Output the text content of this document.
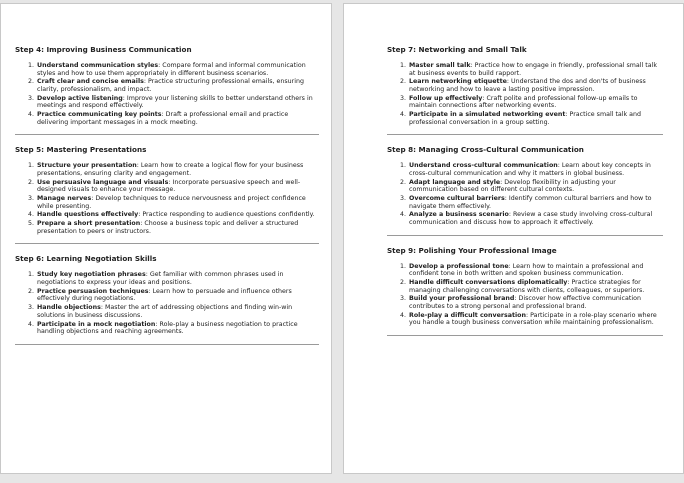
Step 4: Improving Business Communication
1. Understand communication styles: Compare formal and informal communication styles and how to use them appropriately in different business scenarios.
2. Craft clear and concise emails: Practice structuring professional emails, ensuring clarity, professionalism, and impact.
3. Develop active listening: Improve your listening skills to better understand others in meetings and respond effectively.
4. Practice communicating key points: Draft a professional email and practice delivering important messages in a mock meeting.
Step 5: Mastering Presentations
1. Structure your presentation: Learn how to create a logical flow for your business presentations, ensuring clarity and engagement.
2. Use persuasive language and visuals: Incorporate persuasive speech and well-designed visuals to enhance your message.
3. Manage nerves: Develop techniques to reduce nervousness and project confidence while presenting.
4. Handle questions effectively: Practice responding to audience questions confidently.
5. Prepare a short presentation: Choose a business topic and deliver a structured presentation to peers or instructors.
Step 6: Learning Negotiation Skills
1. Study key negotiation phrases: Get familiar with common phrases used in negotiations to express your ideas and positions.
2. Practice persuasion techniques: Learn how to persuade and influence others effectively during negotiations.
3. Handle objections: Master the art of addressing objections and finding win-win solutions in business discussions.
4. Participate in a mock negotiation: Role-play a business negotiation to practice handling objections and reaching agreements.
Step 7: Networking and Small Talk
1. Master small talk: Practice how to engage in friendly, professional small talk at business events to build rapport.
2. Learn networking etiquette: Understand the dos and don'ts of business networking and how to leave a lasting positive impression.
3. Follow up effectively: Craft polite and professional follow-up emails to maintain connections after networking events.
4. Participate in a simulated networking event: Practice small talk and professional conversation in a group setting.
Step 8: Managing Cross-Cultural Communication
1. Understand cross-cultural communication: Learn about key concepts in cross-cultural communication and why it matters in global business.
2. Adapt language and style: Develop flexibility in adjusting your communication based on different cultural contexts.
3. Overcome cultural barriers: Identify common cultural barriers and how to navigate them effectively.
4. Analyze a business scenario: Review a case study involving cross-cultural communication and discuss how to approach it effectively.
Step 9: Polishing Your Professional Image
1. Develop a professional tone: Learn how to maintain a professional and confident tone in both written and spoken business communication.
2. Handle difficult conversations diplomatically: Practice strategies for managing challenging conversations with clients, colleagues, or superiors.
3. Build your professional brand: Discover how effective communication contributes to a strong personal and professional brand.
4. Role-play a difficult conversation: Participate in a role-play scenario where you handle a tough business conversation while maintaining professionalism.
